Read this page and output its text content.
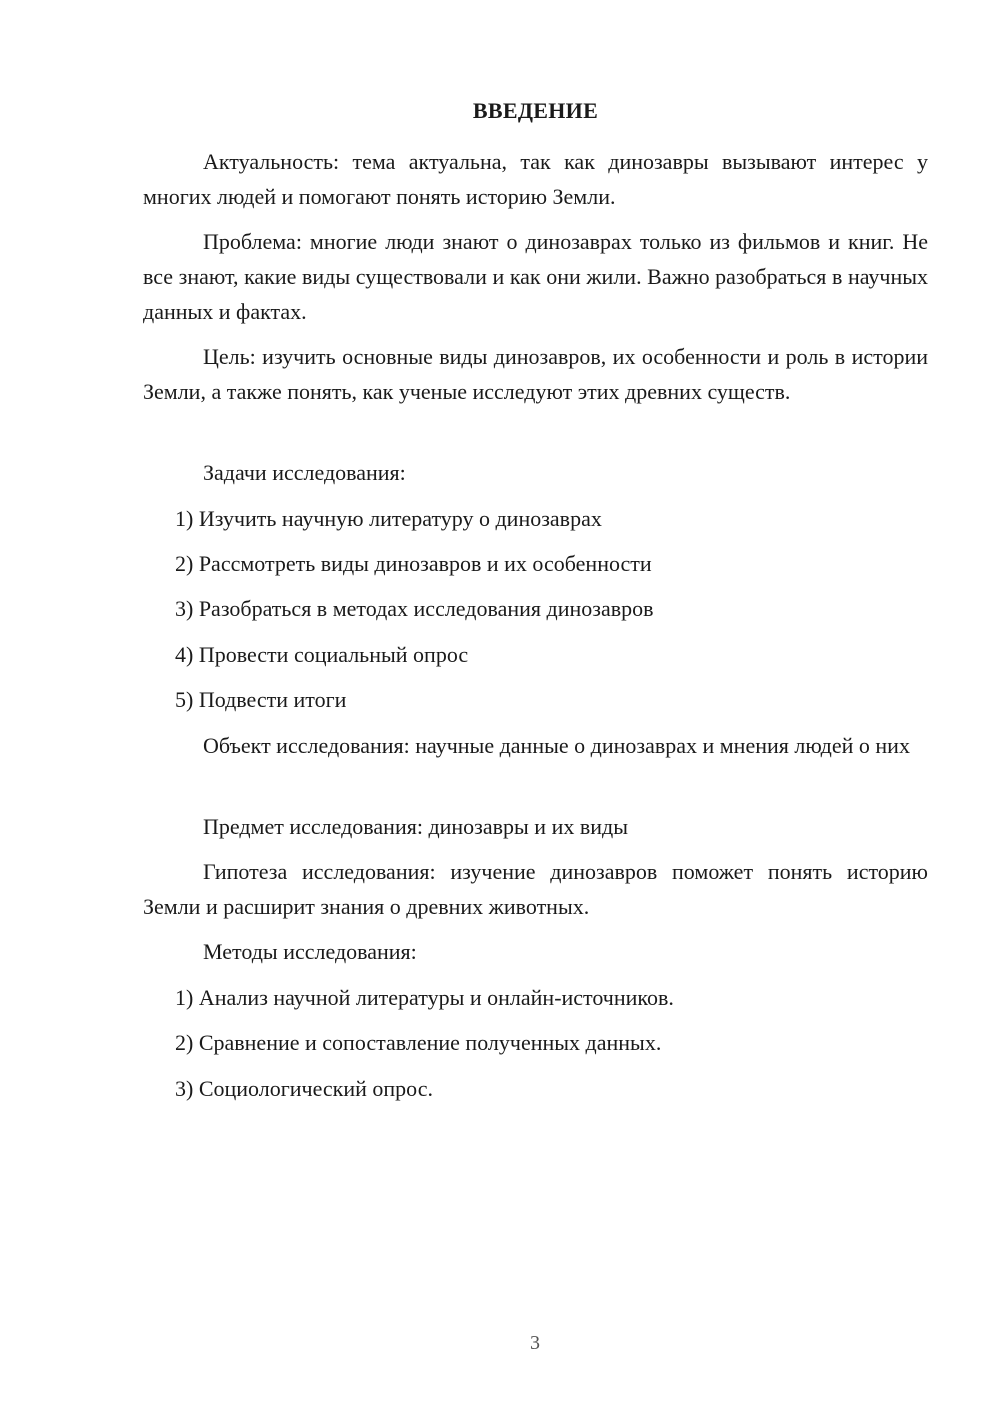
ВВЕДЕНИЕ

Актуальность: тема актуальна, так как динозавры вызывают интерес у многих людей и помогают понять историю Земли.

Проблема: многие люди знают о динозаврах только из фильмов и книг. Не все знают, какие виды существовали и как они жили. Важно разобраться в научных данных и фактах.

Цель: изучить основные виды динозавров, их особенности и роль в истории Земли, а также понять, как ученые исследуют этих древних существ.

Задачи исследования:

1) Изучить научную литературу о динозаврах

2) Рассмотреть виды динозавров и их особенности

3) Разобраться в методах исследования динозавров

4) Провести социальный опрос

5) Подвести итоги

Объект исследования: научные данные о динозаврах и мнения людей о них

Предмет исследования: динозавры и их виды

Гипотеза исследования: изучение динозавров поможет понять историю Земли и расширит знания о древних животных.

Методы исследования:

1) Анализ научной литературы и онлайн-источников.

2) Сравнение и сопоставление полученных данных.

3) Социологический опрос.

3
